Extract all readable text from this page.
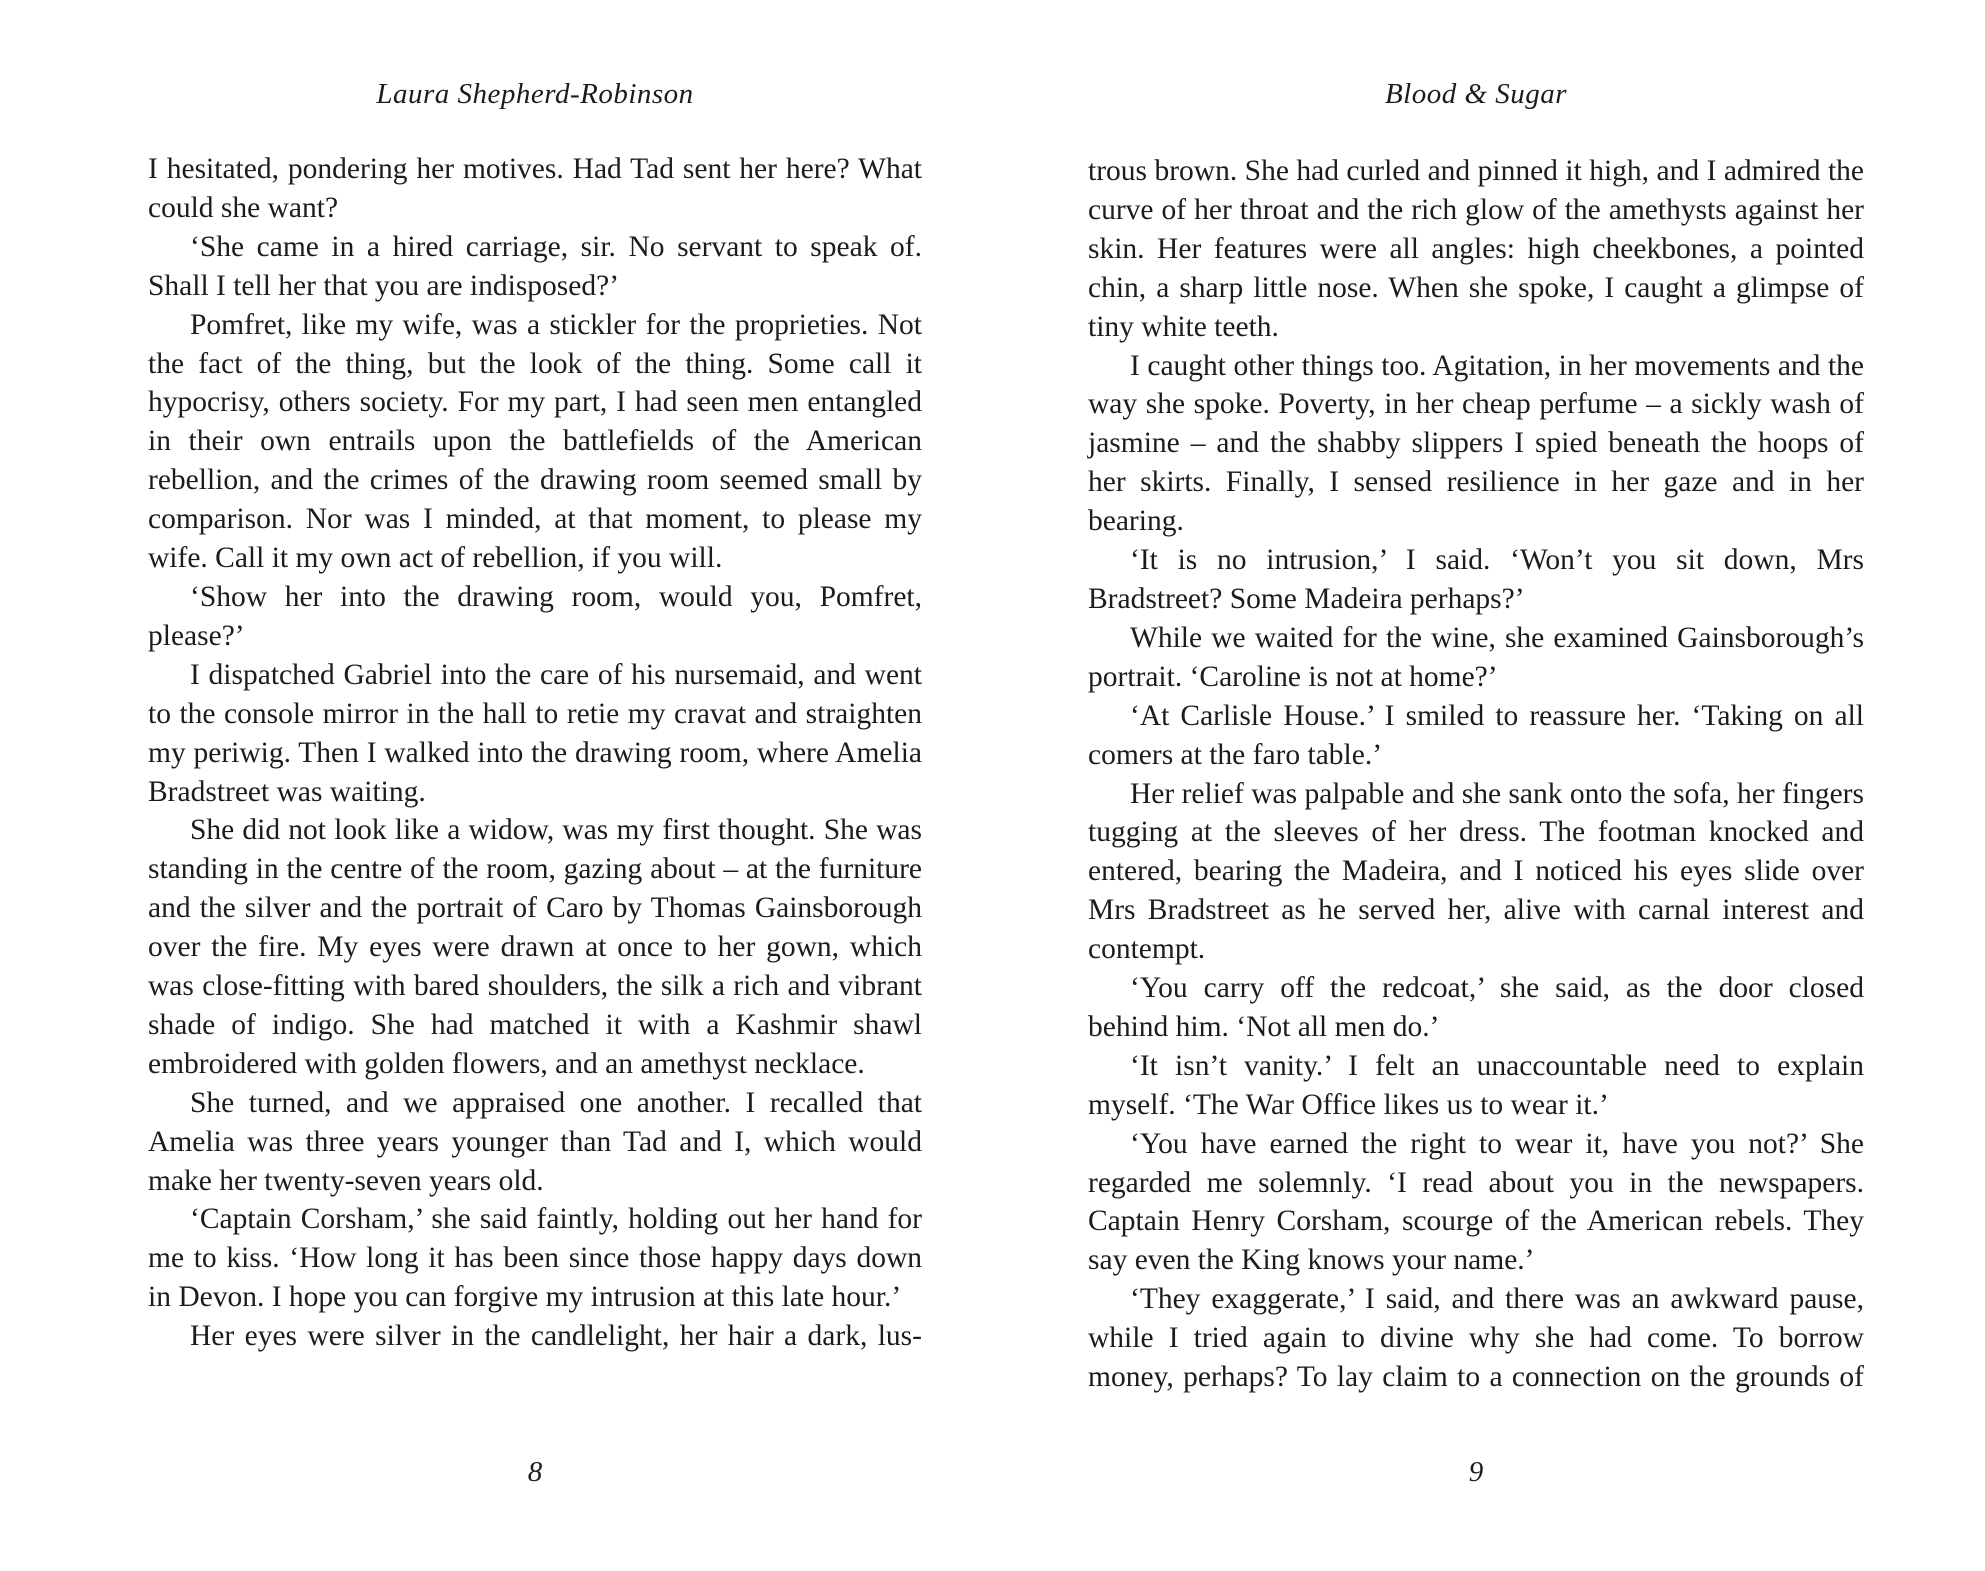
Laura Shepherd-Robinson

I hesitated, pondering her motives. Had Tad sent her here? What could she want?

‘She came in a hired carriage, sir. No servant to speak of. Shall I tell her that you are indisposed?’

Pomfret, like my wife, was a stickler for the proprieties. Not the fact of the thing, but the look of the thing. Some call it hypocrisy, others society. For my part, I had seen men entangled in their own entrails upon the battlefields of the American rebellion, and the crimes of the drawing room seemed small by comparison. Nor was I minded, at that moment, to please my wife. Call it my own act of rebellion, if you will.

‘Show her into the drawing room, would you, Pomfret, please?’

I dispatched Gabriel into the care of his nursemaid, and went to the console mirror in the hall to retie my cravat and straighten my periwig. Then I walked into the drawing room, where Amelia Bradstreet was waiting.

She did not look like a widow, was my first thought. She was standing in the centre of the room, gazing about – at the furniture and the silver and the portrait of Caro by Thomas Gainsborough over the fire. My eyes were drawn at once to her gown, which was close-fitting with bared shoulders, the silk a rich and vibrant shade of indigo. She had matched it with a Kashmir shawl embroidered with golden flowers, and an amethyst necklace.

She turned, and we appraised one another. I recalled that Amelia was three years younger than Tad and I, which would make her twenty-seven years old.

‘Captain Corsham,’ she said faintly, holding out her hand for me to kiss. ‘How long it has been since those happy days down in Devon. I hope you can forgive my intrusion at this late hour.’

Her eyes were silver in the candlelight, her hair a dark, lus-

8
Blood & Sugar

trous brown. She had curled and pinned it high, and I admired the curve of her throat and the rich glow of the amethysts against her skin. Her features were all angles: high cheekbones, a pointed chin, a sharp little nose. When she spoke, I caught a glimpse of tiny white teeth.

I caught other things too. Agitation, in her movements and the way she spoke. Poverty, in her cheap perfume – a sickly wash of jasmine – and the shabby slippers I spied beneath the hoops of her skirts. Finally, I sensed resilience in her gaze and in her bearing.

‘It is no intrusion,’ I said. ‘Won’t you sit down, Mrs Bradstreet? Some Madeira perhaps?’

While we waited for the wine, she examined Gainsborough’s portrait. ‘Caroline is not at home?’

‘At Carlisle House.’ I smiled to reassure her. ‘Taking on all comers at the faro table.’

Her relief was palpable and she sank onto the sofa, her fingers tugging at the sleeves of her dress. The footman knocked and entered, bearing the Madeira, and I noticed his eyes slide over Mrs Bradstreet as he served her, alive with carnal interest and contempt.

‘You carry off the redcoat,’ she said, as the door closed behind him. ‘Not all men do.’

‘It isn’t vanity.’ I felt an unaccountable need to explain myself. ‘The War Office likes us to wear it.’

‘You have earned the right to wear it, have you not?’ She regarded me solemnly. ‘I read about you in the newspapers. Captain Henry Corsham, scourge of the American rebels. They say even the King knows your name.’

‘They exaggerate,’ I said, and there was an awkward pause, while I tried again to divine why she had come. To borrow money, perhaps? To lay claim to a connection on the grounds of

9
